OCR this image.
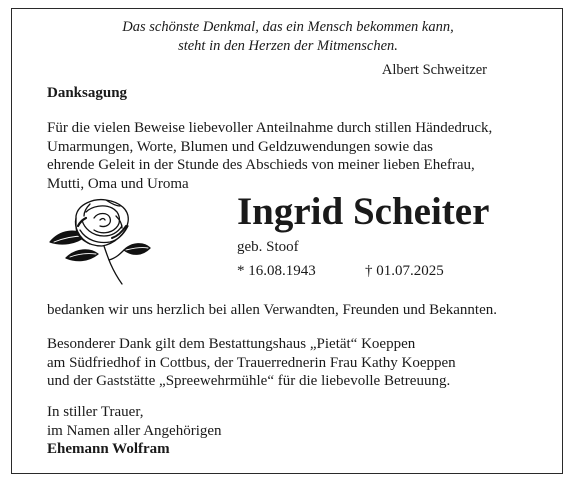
Das schönste Denkmal, das ein Mensch bekommen kann,
steht in den Herzen der Mitmenschen.
Albert Schweitzer
Danksagung
Für die vielen Beweise liebevoller Anteilnahme durch stillen Händedruck,
Umarmungen, Worte, Blumen und Geldzuwendungen sowie das
ehrende Geleit in der Stunde des Abschieds von meiner lieben Ehefrau,
Mutti, Oma und Uroma
Ingrid Scheiter
geb. Stoof
* 16.08.1943	† 01.07.2025
bedanken wir uns herzlich bei allen Verwandten, Freunden und Bekannten.
Besonderer Dank gilt dem Bestattungshaus „Pietät“ Koeppen
am Südfriedhof in Cottbus, der Trauerrednerin Frau Kathy Koeppen
und der Gaststätte „Spreewehrmühle“ für die liebevolle Betreuung.
In stiller Trauer,
im Namen aller Angehörigen
Ehemann Wolfram
